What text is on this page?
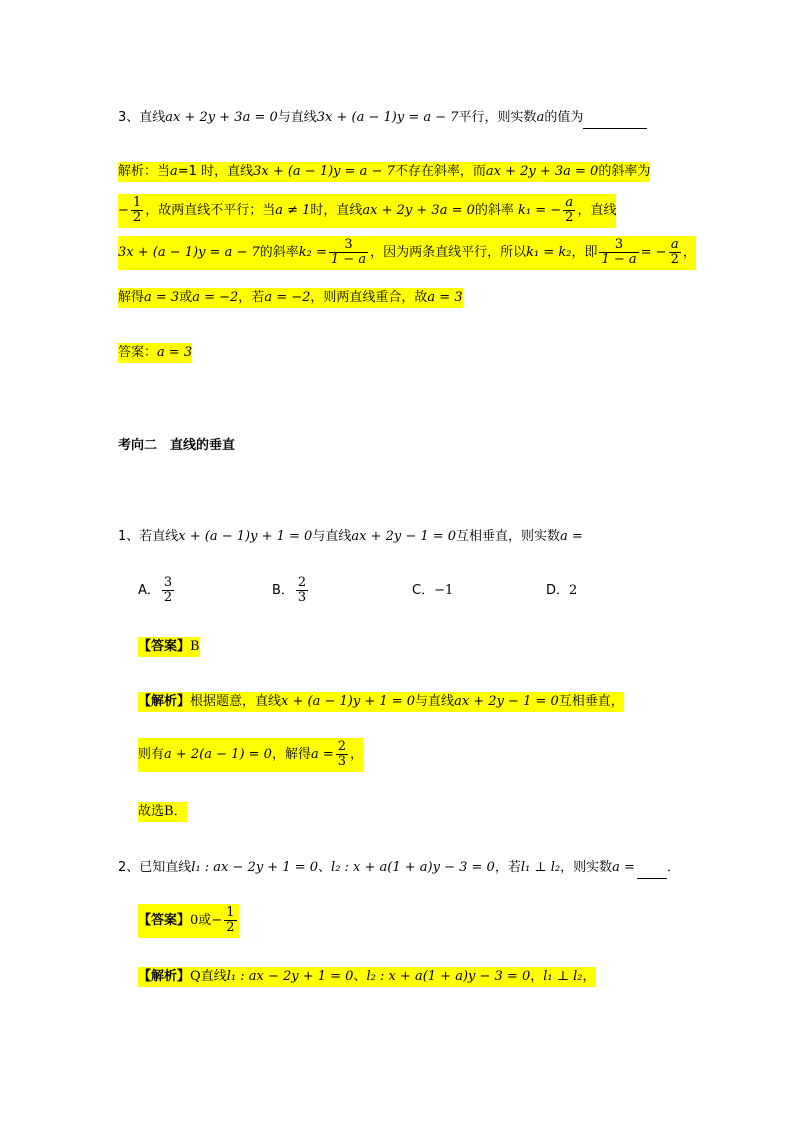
3、直线ax + 2y + 3a = 0与直线3x + (a − 1)y = a − 7平行，则实数a的值为
解析：当a=1 时，直线3x + (a − 1)y = a − 7不存在斜率，而ax + 2y + 3a = 0的斜率为
− $\frac{1}{2}$ ，故两直线不平行；当a ≠ 1时，直线ax + 2y + 3a = 0的斜率 k₁ = − $\frac{a}{2}$ ，直线
3x + (a − 1)y = a − 7的斜率$k_2 = \frac{3}{1 - a}$ ，因为两条直线平行，所以k₁ = k₂，即 $\frac{3}{1 - a}$ = − $\frac{a}{2}$ ，
解得a = 3或a = −2，若a = −2，则两直线重合，故a = 3
答案：a = 3
考向二　直线的垂直
1、若直线x + (a − 1)y + 1 = 0与直线ax + 2y − 1 = 0互相垂直，则实数a =
A． $\frac{3}{2}$	B． $\frac{2}{3}$	C．−1	D．2
【答案】B
【解析】根据题意，直线x + (a − 1)y + 1 = 0与直线ax + 2y − 1 = 0互相垂直，
则有a + 2(a − 1) = 0，解得$a = \frac{2}{3}$ ，
故选B．
2、已知直线l₁ : ax − 2y + 1 = 0、l₂ : x + a(1 + a)y − 3 = 0，若l₁ ⊥ l₂，则实数a = ．
【答案】0或− $\frac{1}{2}$
【解析】Q直线l₁ : ax − 2y + 1 = 0、l₂ : x + a(1 + a)y − 3 = 0，l₁ ⊥ l₂，
